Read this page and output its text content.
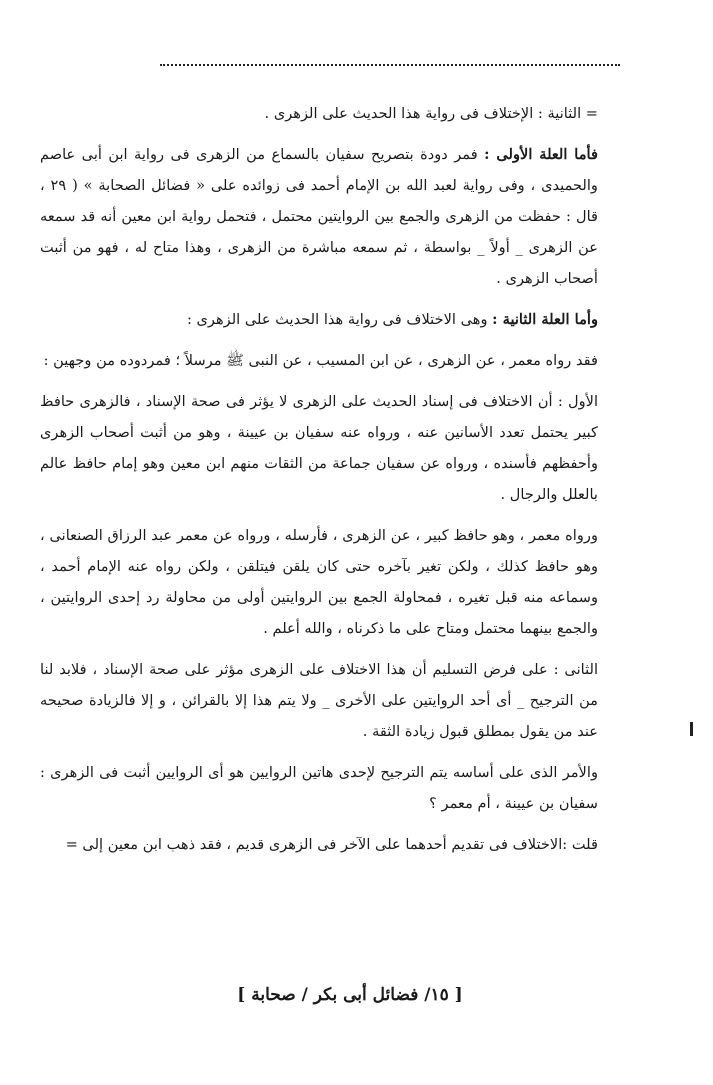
= الثانية : الإختلاف فى رواية هذا الحديث على الزهرى .

فأما العلة الأولى : فمر دودة بتصريح سفيان بالسماع من الزهرى فى رواية ابن أبى عاصم والحميدى ، وفى رواية لعبد الله بن الإمام أحمد فى زوائده على « فضائل الصحابة » ( ٢٩ ، قال : حفظت من الزهرى والجمع بين الروايتين محتمل ، فتحمل رواية ابن معين أنه قد سمعه عن الزهرى _ أولاً _ بواسطة ، ثم سمعه مباشرة من الزهرى ، وهذا متاح له ، فهو من أثبت أصحاب الزهرى .

وأما العلة الثانية : وهى الاختلاف فى رواية هذا الحديث على الزهرى :

فقد رواه معمر ، عن الزهرى ، عن ابن المسيب ، عن النبى ﷺ مرسلاً ؛ فمردوده من وجهين :

الأول : أن الاختلاف فى إسناد الحديث على الزهرى لا يؤثر فى صحة الإسناد ، فالزهرى حافظ كبير يحتمل تعدد الأسانين عنه ، ورواه عنه سفيان بن عيينة ، وهو من أثبت أصحاب الزهرى وأحفظهم فأسنده ، ورواه عن سفيان جماعة من الثقات منهم ابن معين وهو إمام حافظ عالم بالعلل والرجال .

ورواه معمر ، وهو حافظ كبير ، عن الزهرى ، فأرسله ، ورواه عن معمر عبد الرزاق الصنعانى ، وهو حافظ كذلك ، ولكن تغير بآخره حتى كان يلقن فيتلقن ، ولكن رواه عنه الإمام أحمد ، وسماعه منه قبل تغيره ، فمحاولة الجمع بين الروايتين أولى من محاولة رد إحدى الروايتين ، والجمع بينهما محتمل ومتاح على ما ذكرناه ، والله أعلم .

الثانى : على فرض التسليم أن هذا الاختلاف على الزهرى مؤثر على صحة الإسناد ، فلابد لنا من الترجيح _ أى أحد الروايتين على الأخرى _ ولا يتم هذا إلا بالقرائن ، و إلا فالزيادة صحيحه عند من يقول بمطلق قبول زيادة الثقة .

والأمر الذى على أساسه يتم الترجيح لإحدى هاتين الروايين هو أى الروايين أثبت فى الزهرى : سفيان بن عيينة ، أم معمر ؟

قلت :الاختلاف فى تقديم أحدهما على الآخر فى الزهرى قديم ، فقد ذهب ابن معين إلى =

[ ١٥/ فضائل أبى بكر / صحابة ]
